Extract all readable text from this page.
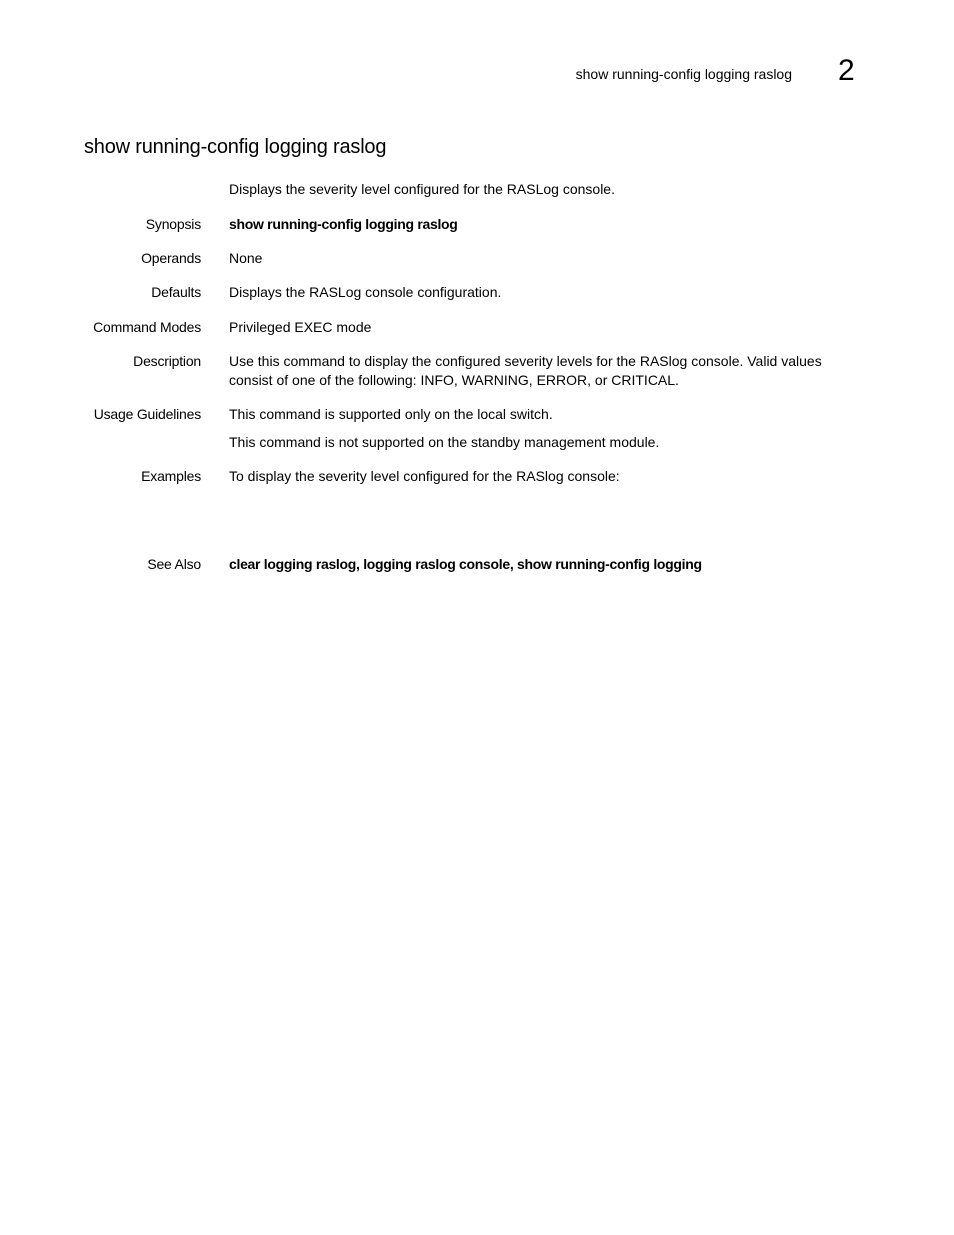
show running-config logging raslog 2
show running-config logging raslog
Displays the severity level configured for the RASLog console.
Synopsis show running-config logging raslog
Operands None
Defaults Displays the RASLog console configuration.
Command Modes Privileged EXEC mode
Description Use this command to display the configured severity levels for the RASlog console. Valid values consist of one of the following: INFO, WARNING, ERROR, or CRITICAL.
Usage Guidelines This command is supported only on the local switch.

This command is not supported on the standby management module.

Examples To display the severity level configured for the RASlog console:
See Also clear logging raslog, logging raslog console, show running-config logging
